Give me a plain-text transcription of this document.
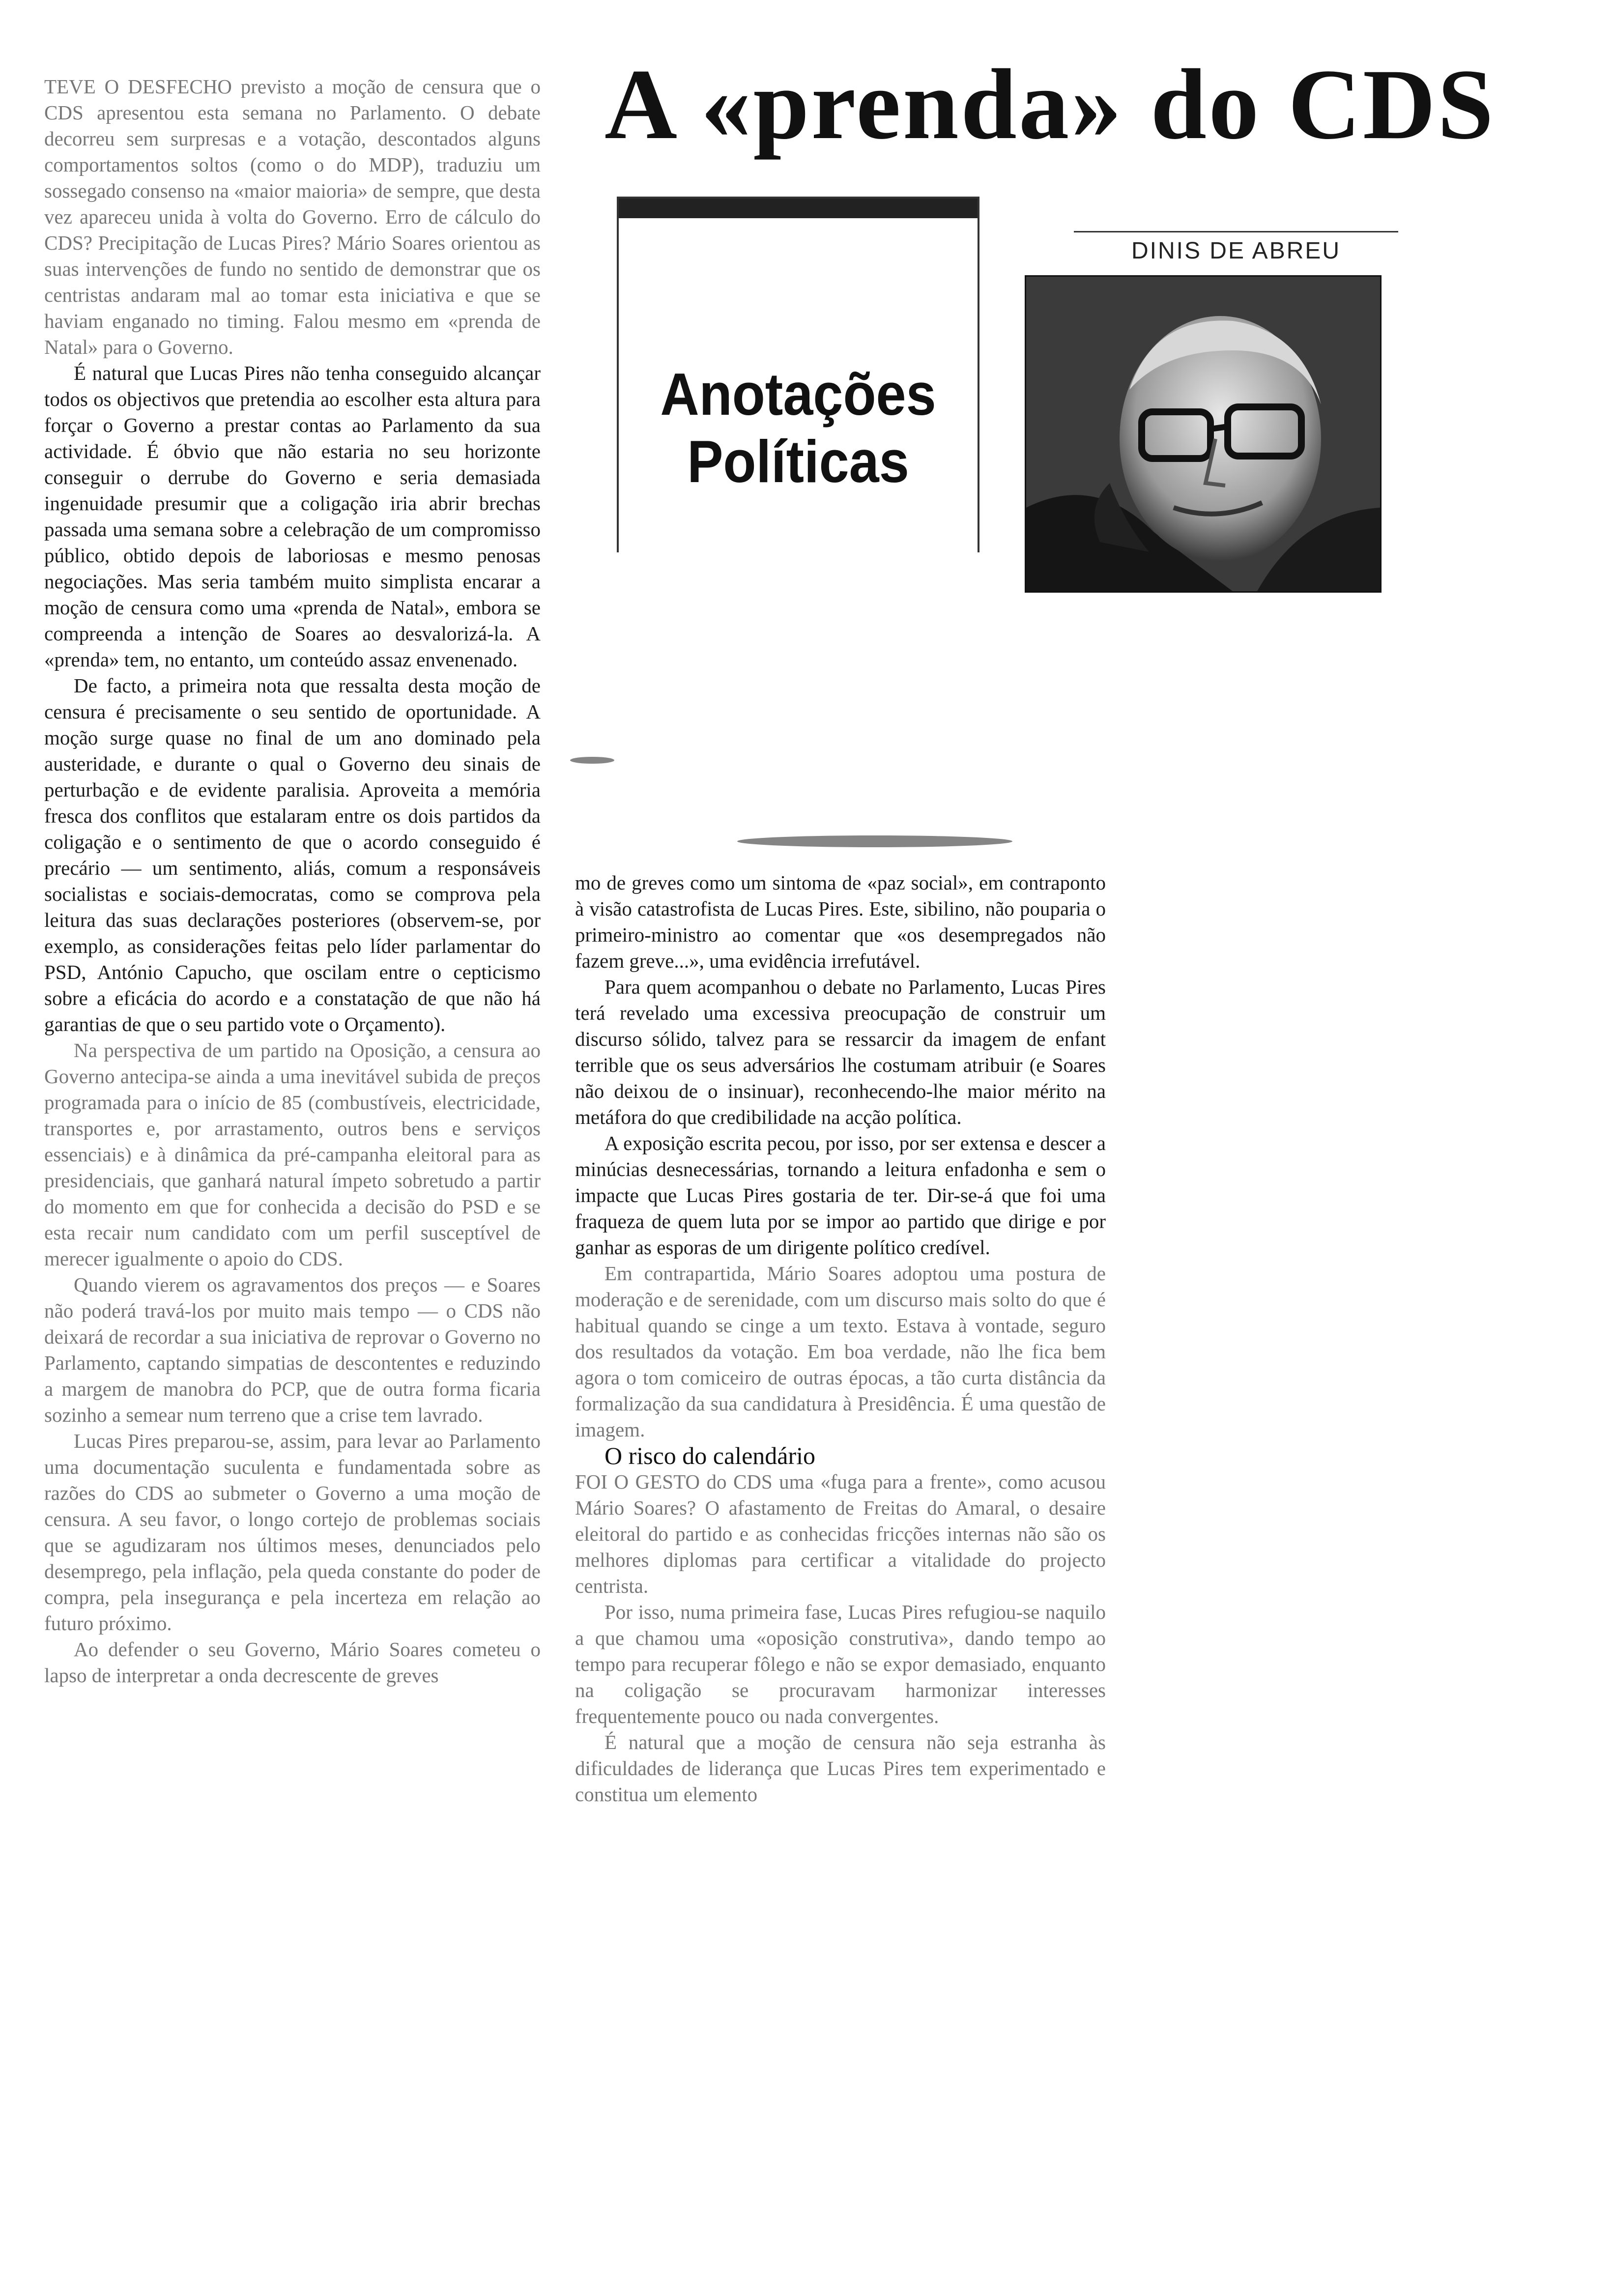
A «prenda» do CDS
Anotações Políticas
DINIS DE ABREU

TEVE O DESFECHO previsto a moção de censura que o CDS apresentou esta semana no Parlamento. O debate decorreu sem surpresas e a votação, descontados alguns comportamentos soltos (como o do MDP), traduziu um sossegado consenso na «maior maioria» de sempre, que desta vez apareceu unida à volta do Governo. Erro de cálculo do CDS? Precipitação de Lucas Pires? Mário Soares orientou as suas intervenções de fundo no sentido de demonstrar que os centristas andaram mal ao tomar esta iniciativa e que se haviam enganado no timing. Falou mesmo em «prenda de Natal» para o Governo.

É natural que Lucas Pires não tenha conseguido alcançar todos os objectivos que pretendia ao escolher esta altura para forçar o Governo a prestar contas ao Parlamento da sua actividade. É óbvio que não estaria no seu horizonte conseguir o derrube do Governo e seria demasiada ingenuidade presumir que a coligação iria abrir brechas passada uma semana sobre a celebração de um compromisso público, obtido depois de laboriosas e mesmo penosas negociações. Mas seria também muito simplista encarar a moção de censura como uma «prenda de Natal», embora se compreenda a intenção de Soares ao desvalorizá-la. A «prenda» tem, no entanto, um conteúdo assaz envenenado.

De facto, a primeira nota que ressalta desta moção de censura é precisamente o seu sentido de oportunidade. A moção surge quase no final de um ano dominado pela austeridade, e durante o qual o Governo deu sinais de perturbação e de evidente paralisia. Aproveita a memória fresca dos conflitos que estalaram entre os dois partidos da coligação e o sentimento de que o acordo conseguido é precário — um sentimento, aliás, comum a responsáveis socialistas e sociais-democratas, como se comprova pela leitura das suas declarações posteriores (observem-se, por exemplo, as considerações feitas pelo líder parlamentar do PSD, António Capucho, que oscilam entre o cepticismo sobre a eficácia do acordo e a constatação de que não há garantias de que o seu partido vote o Orçamento).

Na perspectiva de um partido na Oposição, a censura ao Governo antecipa-se ainda a uma inevitável subida de preços programada para o início de 85 (combustíveis, electricidade, transportes e, por arrastamento, outros bens e serviços essenciais) e à dinâmica da pré-campanha eleitoral para as presidenciais, que ganhará natural ímpeto sobretudo a partir do momento em que for conhecida a decisão do PSD e se esta recair num candidato com um perfil susceptível de merecer igualmente o apoio do CDS.

Quando vierem os agravamentos dos preços — e Soares não poderá travá-los por muito mais tempo — o CDS não deixará de recordar a sua iniciativa de reprovar o Governo no Parlamento, captando simpatias de descontentes e reduzindo a margem de manobra do PCP, que de outra forma ficaria sozinho a semear num terreno que a crise tem lavrado.

Lucas Pires preparou-se, assim, para levar ao Parlamento uma documentação suculenta e fundamentada sobre as razões do CDS ao submeter o Governo a uma moção de censura. A seu favor, o longo cortejo de problemas sociais que se agudizaram nos últimos meses, denunciados pelo desemprego, pela inflação, pela queda constante do poder de compra, pela insegurança e pela incerteza em relação ao futuro próximo.

Ao defender o seu Governo, Mário Soares cometeu o lapso de interpretar a onda decrescente de greves

mo de greves como um sintoma de «paz social», em contraponto à visão catastrofista de Lucas Pires. Este, sibilino, não pouparia o primeiro-ministro ao comentar que «os desempregados não fazem greve...», uma evidência irrefutável.

Para quem acompanhou o debate no Parlamento, Lucas Pires terá revelado uma excessiva preocupação de construir um discurso sólido, talvez para se ressarcir da imagem de enfant terrible que os seus adversários lhe costumam atribuir (e Soares não deixou de o insinuar), reconhecendo-lhe maior mérito na metáfora do que credibilidade na acção política.

A exposição escrita pecou, por isso, por ser extensa e descer a minúcias desnecessárias, tornando a leitura enfadonha e sem o impacte que Lucas Pires gostaria de ter. Dir-se-á que foi uma fraqueza de quem luta por se impor ao partido que dirige e por ganhar as esporas de um dirigente político credível.

Em contrapartida, Mário Soares adoptou uma postura de moderação e de serenidade, com um discurso mais solto do que é habitual quando se cinge a um texto. Estava à vontade, seguro dos resultados da votação. Em boa verdade, não lhe fica bem agora o tom comiceiro de outras épocas, a tão curta distância da formalização da sua candidatura à Presidência. É uma questão de imagem.

O risco do calendário

FOI O GESTO do CDS uma «fuga para a frente», como acusou Mário Soares? O afastamento de Freitas do Amaral, o desaire eleitoral do partido e as conhecidas fricções internas não são os melhores diplomas para certificar a vitalidade do projecto centrista.

Por isso, numa primeira fase, Lucas Pires refugiou-se naquilo a que chamou uma «oposição construtiva», dando tempo ao tempo para recuperar fôlego e não se expor demasiado, enquanto na coligação se procuravam harmonizar interesses frequentemente pouco ou nada convergentes.

É natural que a moção de censura não seja estranha às dificuldades de liderança que Lucas Pires tem experimentado e constitua um elemento
